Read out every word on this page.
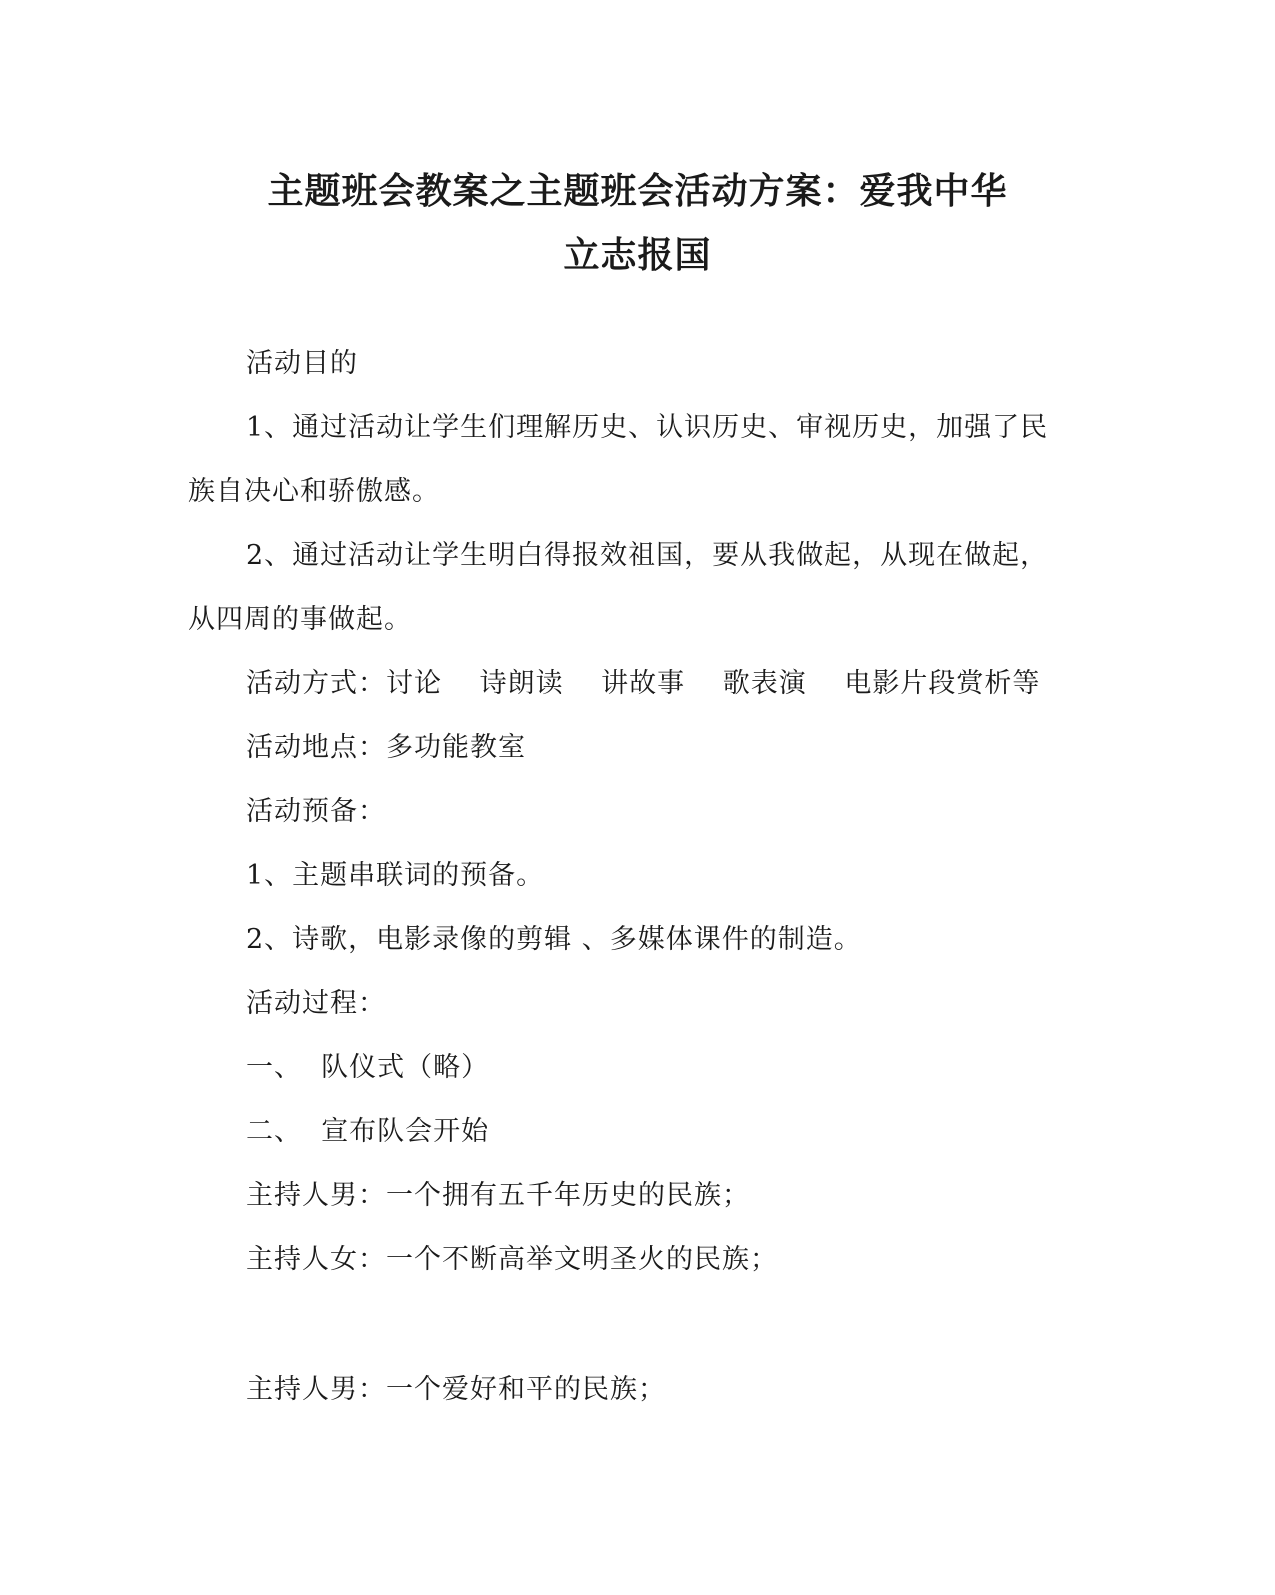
主题班会教案之主题班会活动方案：爱我中华
立志报国
活动目的
1、通过活动让学生们理解历史、认识历史、审视历史，加强了民
族自决心和骄傲感。
2、通过活动让学生明白得报效祖国，要从我做起，从现在做起，
从四周的事做起。
活动方式：讨论　 诗朗读　 讲故事　 歌表演　 电影片段赏析等
活动地点：多功能教室
活动预备：
1、主题串联词的预备。
2、诗歌，电影录像的剪辑 、多媒体课件的制造。
活动过程：
一、  队仪式（略）
二、  宣布队会开始
主持人男：一个拥有五千年历史的民族；
主持人女：一个不断高举文明圣火的民族；
主持人男：一个爱好和平的民族；
